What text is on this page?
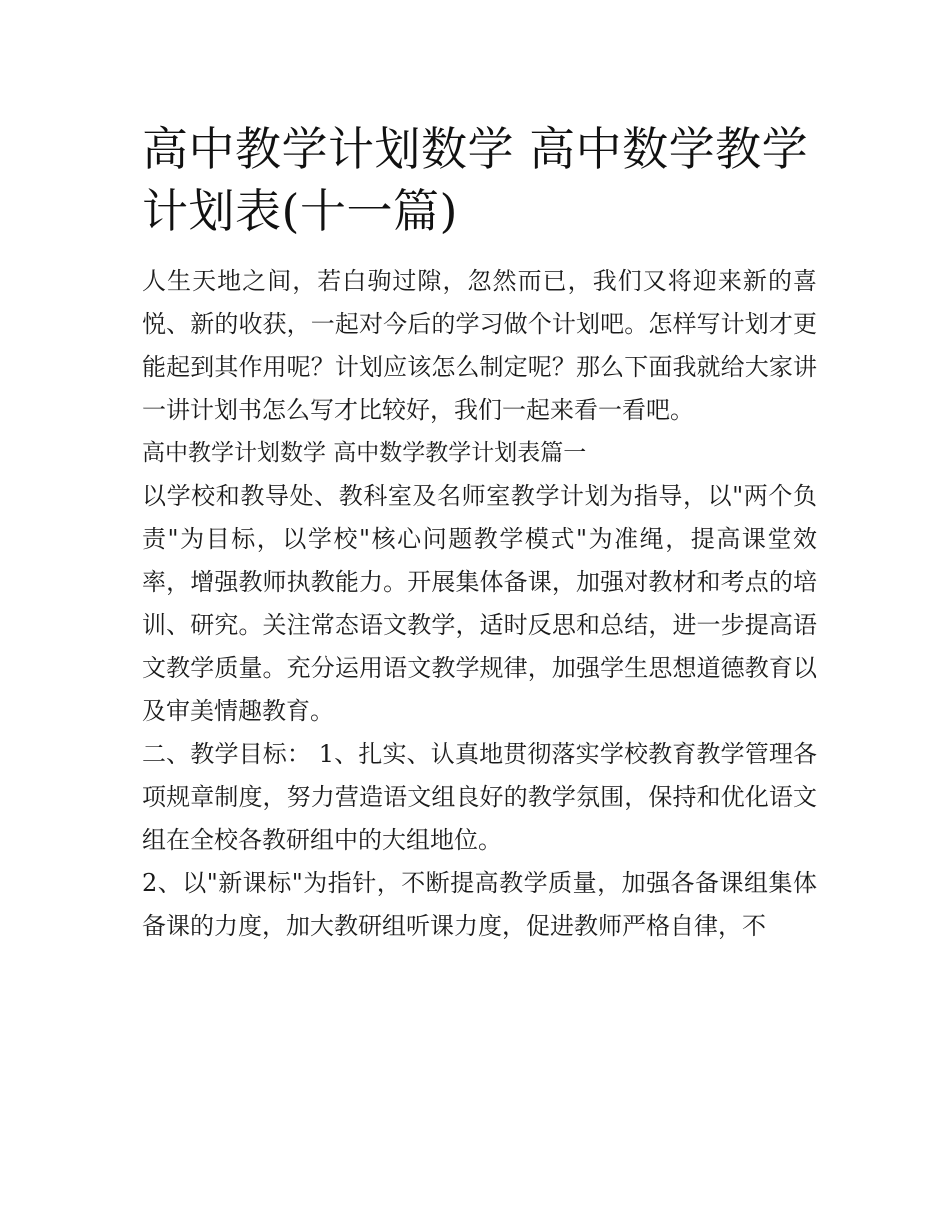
高中教学计划数学 高中数学教学计划表(十一篇)

人生天地之间，若白驹过隙，忽然而已，我们又将迎来新的喜悦、新的收获，一起对今后的学习做个计划吧。怎样写计划才更能起到其作用呢？计划应该怎么制定呢？那么下面我就给大家讲一讲计划书怎么写才比较好，我们一起来看一看吧。

高中教学计划数学 高中数学教学计划表篇一

以学校和教导处、教科室及名师室教学计划为指导，以"两个负责"为目标，以学校"核心问题教学模式"为准绳，提高课堂效率，增强教师执教能力。开展集体备课，加强对教材和考点的培训、研究。关注常态语文教学，适时反思和总结，进一步提高语文教学质量。充分运用语文教学规律，加强学生思想道德教育以及审美情趣教育。

二、教学目标： 1、扎实、认真地贯彻落实学校教育教学管理各项规章制度，努力营造语文组良好的教学氛围，保持和优化语文组在全校各教研组中的大组地位。

2、以"新课标"为指针，不断提高教学质量，加强各备课组集体备课的力度，加大教研组听课力度，促进教师严格自律，不
